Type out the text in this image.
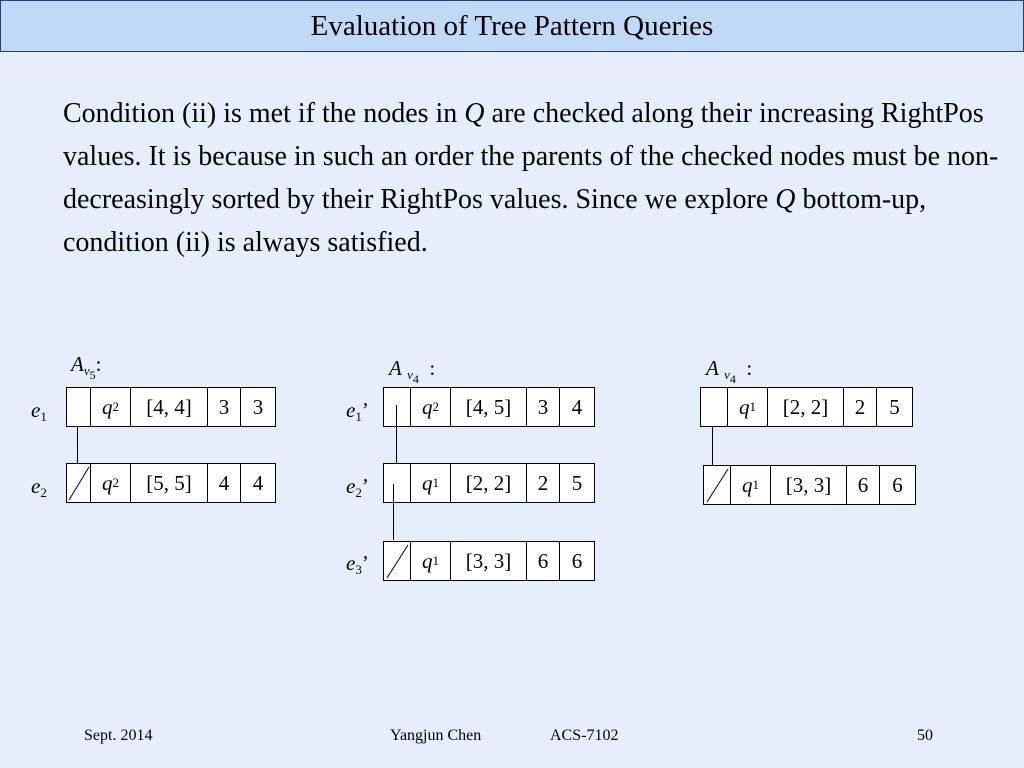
Evaluation of Tree Pattern Queries
Condition (ii) is met if the nodes in Q are checked along their increasing RightPos values. It is because in such an order the parents of the checked nodes must be non-decreasingly sorted by their RightPos values. Since we explore Q bottom-up, condition (ii) is always satisfied.
$A_{v_5}$:
$e_1$	q 2	[4, 4]	3	3
$e_2$	q 2	[5, 5]	4	4
A $_{v_4}$ :
$e_1$’	q 2	[4, 5]	3	4
$e_2$’	q 1	[2, 2]	2	5
$e_3$’	q 1	[3, 3]	6	6
A $_{v_4}$ :
q 1	[2, 2]	2	5
q 1	[3, 3]	6	6
Sept. 2014	Yangjun Chen	ACS-7102	50
